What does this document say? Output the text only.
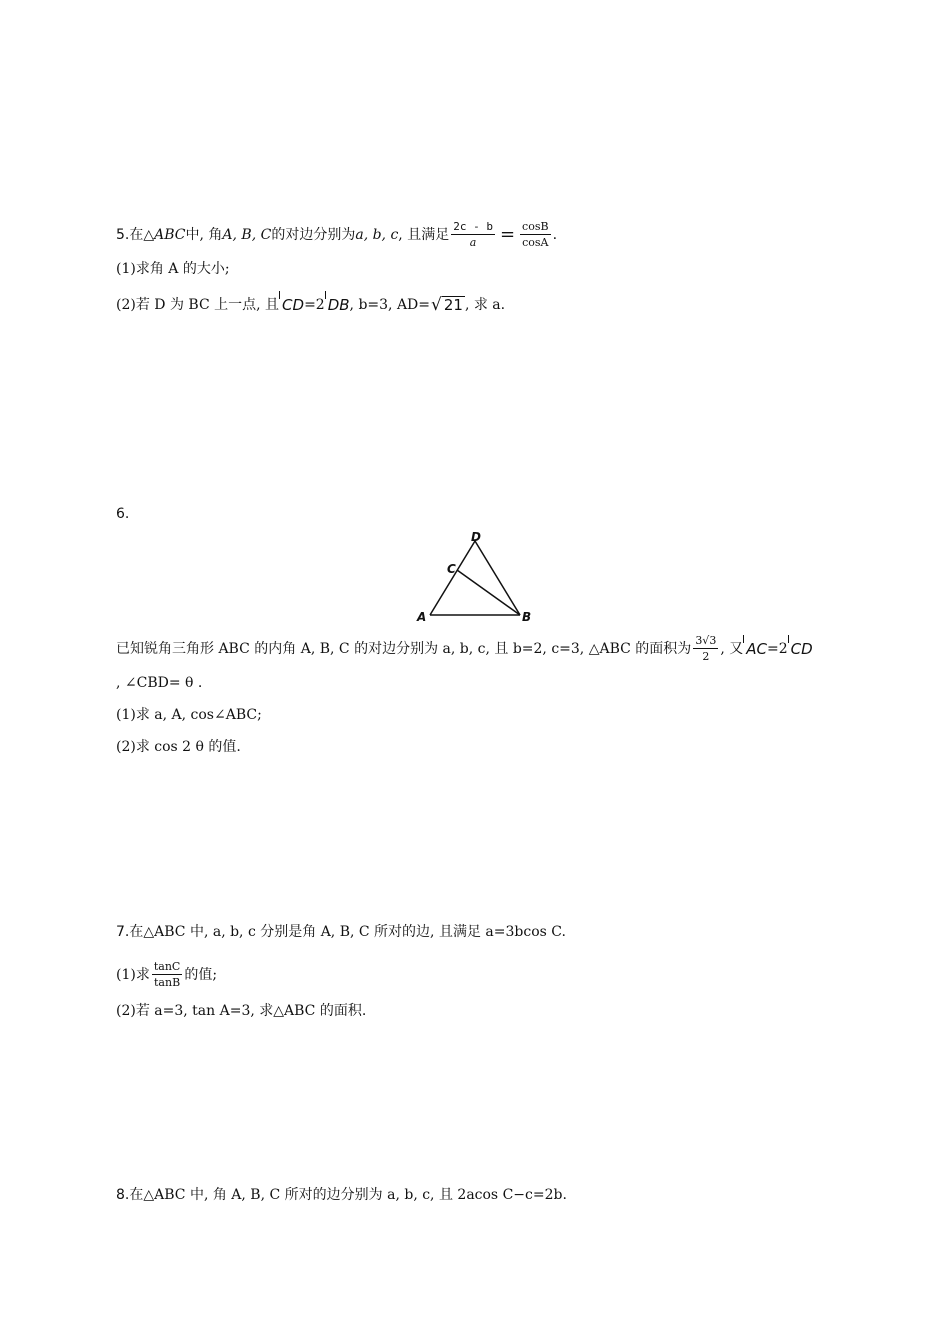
5. 在△ ABC 中, 角 A, B, C 的对边分别为 a, b, c , 且满足 $\frac{2c - b}{a} = \frac{\cos B}{\cos A}$ .
(1)求角 A 的大小;
(2)若 D 为 BC 上一点, 且 CD =2 DB , b=3, AD= √ 21 , 求 a.
6.
D
C
A	B
已知锐角三角形 ABC 的内角 A, B, C 的对边分别为 a, b, c, 且 b=2, c=3, △ABC 的面积为 $\frac{3√3}{2}$ , 又 AC =2 CD
, ∠CBD= θ .
(1)求 a, A, cos∠ABC;
(2)求 cos 2 θ 的值.
7. 在△ABC 中, a, b, c 分别是角 A, B, C 所对的边, 且满足 a=3bcos C.
(1)求 $\frac{\tan C}{\tan B}$ 的值;
(2)若 a=3, tan A=3, 求△ABC 的面积.
8. 在△ABC 中, 角 A, B, C 所对的边分别为 a, b, c, 且 2acos C−c=2b.
